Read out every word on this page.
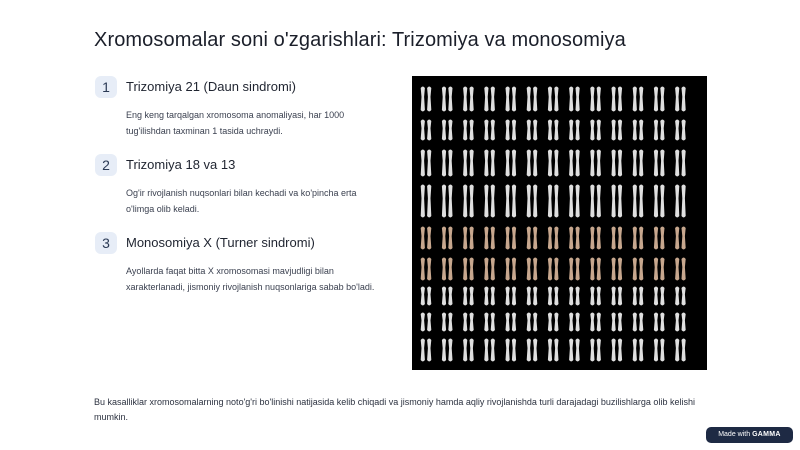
Xromosomalar soni o'zgarishlari: Trizomiya va monosomiya
1	Trizomiya 21 (Daun sindromi)
Eng keng tarqalgan xromosoma anomaliyasi, har 1000 tug'ilishdan taxminan 1 tasida uchraydi.
2	Trizomiya 18 va 13
Og'ir rivojlanish nuqsonlari bilan kechadi va ko'pincha erta o'limga olib keladi.
3	Monosomiya X (Turner sindromi)
Ayollarda faqat bitta X xromosomasi mavjudligi bilan xarakterlanadi, jismoniy rivojlanish nuqsonlariga sabab bo'ladi.
Bu kasalliklar xromosomalarning noto'g'ri bo'linishi natijasida kelib chiqadi va jismoniy hamda aqliy rivojlanishda turli darajadagi buzilishlarga olib kelishi mumkin.
Made with GAMMA
